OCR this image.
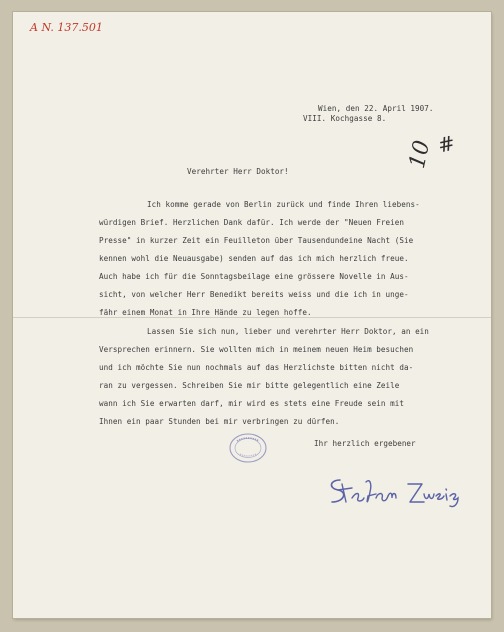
A N. 137.501
Wien, den 22. April 1907.
VIII. Kochgasse 8.
#
10
Verehrter Herr Doktor!
Ich komme gerade von Berlin zurück und finde Ihren liebens-
würdigen Brief. Herzlichen Dank dafür. Ich werde der "Neuen Freien
Presse" in kurzer Zeit ein Feuilleton über Tausendundeine Nacht (Sie
kennen wohl die Neuausgabe) senden auf das ich mich herzlich freue.
Auch habe ich für die Sonntagsbeilage eine grössere Novelle in Aus-
sicht, von welcher Herr Benedikt bereits weiss und die ich in unge-
fähr einem Monat in Ihre Hände zu legen hoffe.
Lassen Sie sich nun, lieber und verehrter Herr Doktor, an ein
Versprechen erinnern. Sie wollten mich in meinem neuen Heim besuchen
und ich möchte Sie nun nochmals auf das Herzlichste bitten nicht da-
ran zu vergessen. Schreiben Sie mir bitte gelegentlich eine Zeile
wann ich Sie erwarten darf, mir wird es stets eine Freude sein mit
Ihnen ein paar Stunden bei mir verbringen zu dürfen.
Ihr herzlich ergebener
